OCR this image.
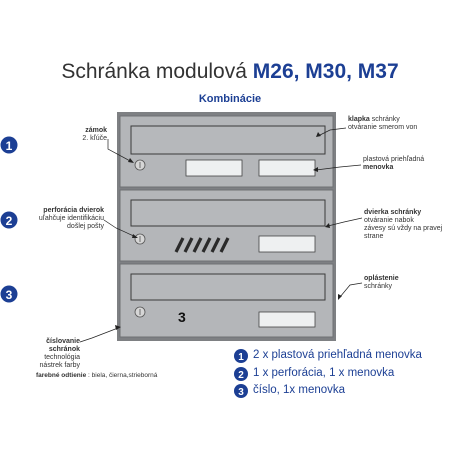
Schránka modulová M26, M30, M37
Kombinácie
3
1
2
3
1
2
3
zámok
2. kľúče
perforácia dvierok
uľahčuje identifikáciu
došlej pošty
číslovanie
schránok
technológia
nástrek farby
farebné odtienie : biela, čierna,strieborná
klapka schránky
otváranie smerom von
plastová priehľadná
menovka
dvierka schránky
otváranie nabok
závesy sú vždy na pravej strane
oplástenie
schránky
2 x plastová priehľadná menovka
1 x perforácia, 1 x menovka
číslo, 1x menovka
